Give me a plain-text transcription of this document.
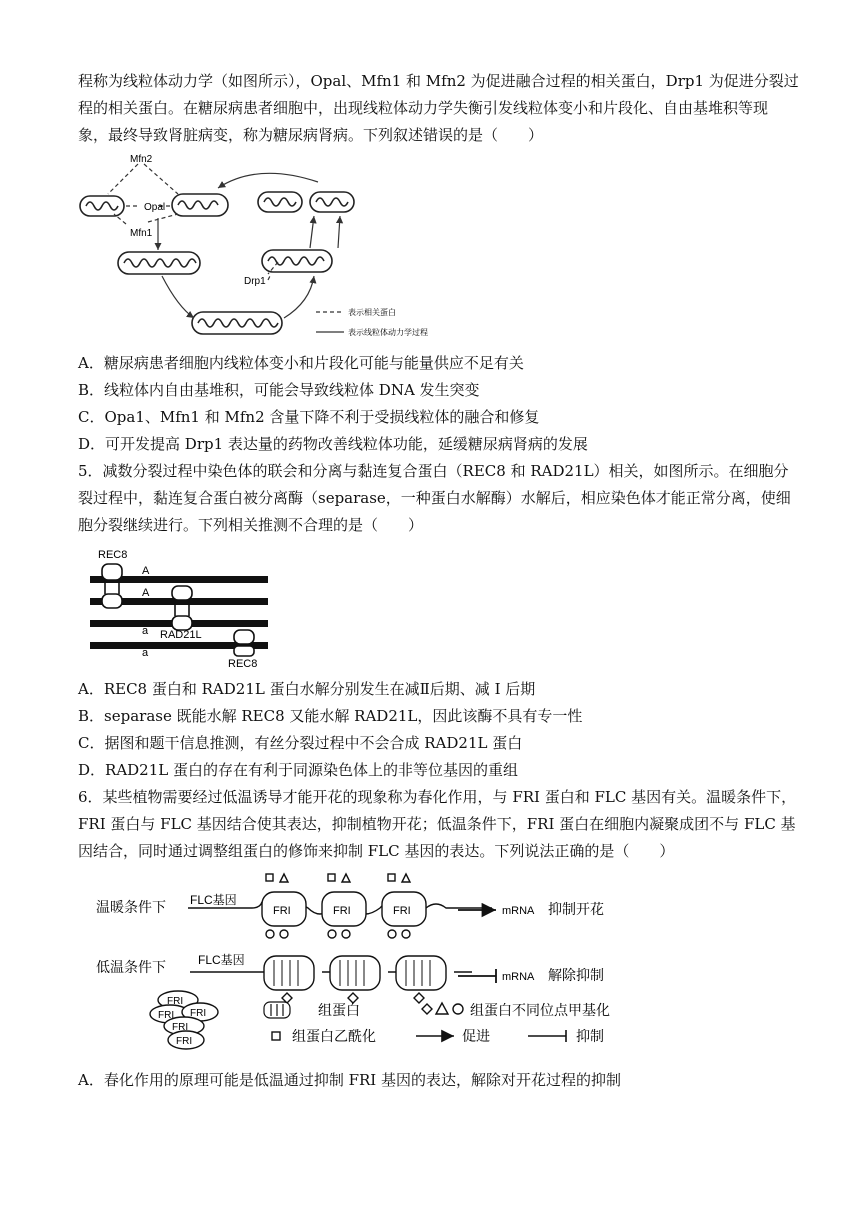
程称为线粒体动力学（如图所示），Opal、Mfn1 和 Mfn2 为促进融合过程的相关蛋白，Drp1 为促进分裂过
程的相关蛋白。在糖尿病患者细胞中，出现线粒体动力学失衡引发线粒体变小和片段化、自由基堆积等现
象，最终导致肾脏病变，称为糖尿病肾病。下列叙述错误的是（　　）
Mfn2
Opal
Mfn1
Drp1
表示相关蛋白
表示线粒体动力学过程
A．糖尿病患者细胞内线粒体变小和片段化可能与能量供应不足有关
B．线粒体内自由基堆积，可能会导致线粒体 DNA 发生突变
C．Opa1、Mfn1 和 Mfn2 含量下降不利于受损线粒体的融合和修复
D．可开发提高 Drp1 表达量的药物改善线粒体功能，延缓糖尿病肾病的发展
5．减数分裂过程中染色体的联会和分离与黏连复合蛋白（REC8 和 RAD21L）相关，如图所示。在细胞分
裂过程中，黏连复合蛋白被分离酶（separase，一种蛋白水解酶）水解后，相应染色体才能正常分离，使细
胞分裂继续进行。下列相关推测不合理的是（　　）
REC8
A
A
a RAD21L
a
REC8
A．REC8 蛋白和 RAD21L 蛋白水解分别发生在减Ⅱ后期、减 I 后期
B．separase 既能水解 REC8 又能水解 RAD21L，因此该酶不具有专一性
C．据图和题干信息推测，有丝分裂过程中不会合成 RAD21L 蛋白
D．RAD21L 蛋白的存在有利于同源染色体上的非等位基因的重组
6．某些植物需要经过低温诱导才能开花的现象称为春化作用，与 FRI 蛋白和 FLC 基因有关。温暖条件下，
FRI 蛋白与 FLC 基因结合使其表达，抑制植物开花；低温条件下，FRI 蛋白在细胞内凝聚成团不与 FLC 基
因结合，同时通过调整组蛋白的修饰来抑制 FLC 基因的表达。下列说法正确的是（　　）
温暖条件下 FLC基因
FRI	FRI	FRI	mRNA 抑制开花
低温条件下	FLC基因
mRNA 解除抑制
FRI
FRI FRI
FRI
FRI
组蛋白	组蛋白不同位点甲基化
组蛋白乙酰化	促进	抑制
A．春化作用的原理可能是低温通过抑制 FRI 基因的表达，解除对开花过程的抑制
